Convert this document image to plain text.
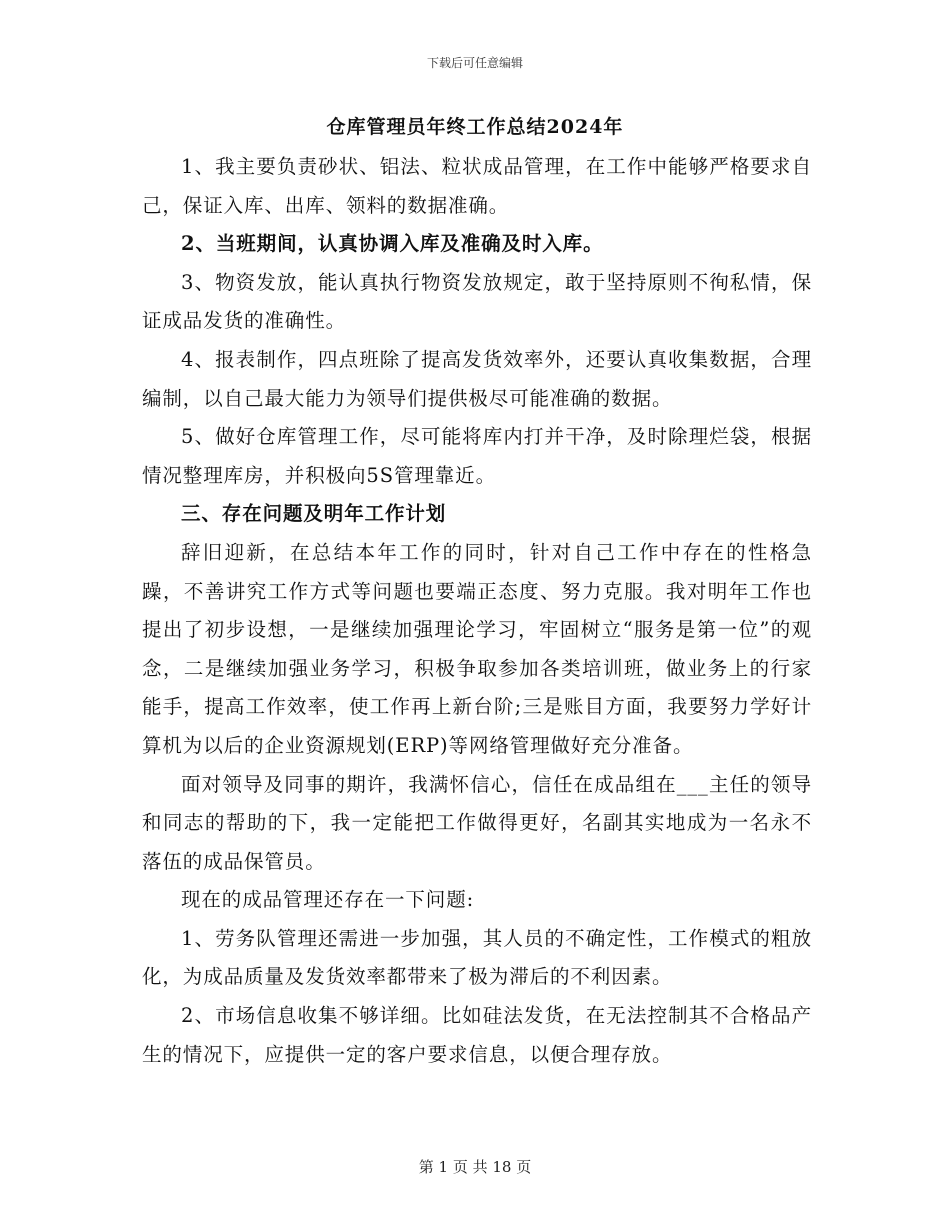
下载后可任意编辑
仓库管理员年终工作总结2024年

1、我主要负责砂状、铝法、粒状成品管理，在工作中能够严格要求自己，保证入库、出库、领料的数据准确。

2、当班期间，认真协调入库及准确及时入库。

3、物资发放，能认真执行物资发放规定，敢于坚持原则不徇私情，保证成品发货的准确性。

4、报表制作，四点班除了提高发货效率外，还要认真收集数据，合理编制，以自己最大能力为领导们提供极尽可能准确的数据。

5、做好仓库管理工作，尽可能将库内打并干净，及时除理烂袋，根据情况整理库房，并积极向5S管理靠近。

三、存在问题及明年工作计划

辞旧迎新，在总结本年工作的同时，针对自己工作中存在的性格急躁，不善讲究工作方式等问题也要端正态度、努力克服。我对明年工作也提出了初步设想，一是继续加强理论学习，牢固树立“服务是第一位”的观念，二是继续加强业务学习，积极争取参加各类培训班，做业务上的行家能手，提高工作效率，使工作再上新台阶;三是账目方面，我要努力学好计算机为以后的企业资源规划(ERP)等网络管理做好充分准备。

面对领导及同事的期许，我满怀信心，信任在成品组在___主任的领导和同志的帮助的下，我一定能把工作做得更好，名副其实地成为一名永不落伍的成品保管员。

现在的成品管理还存在一下问题:

1、劳务队管理还需进一步加强，其人员的不确定性，工作模式的粗放化，为成品质量及发货效率都带来了极为滞后的不利因素。

2、市场信息收集不够详细。比如硅法发货，在无法控制其不合格品产生的情况下，应提供一定的客户要求信息，以便合理存放。

第 1 页 共 18 页
